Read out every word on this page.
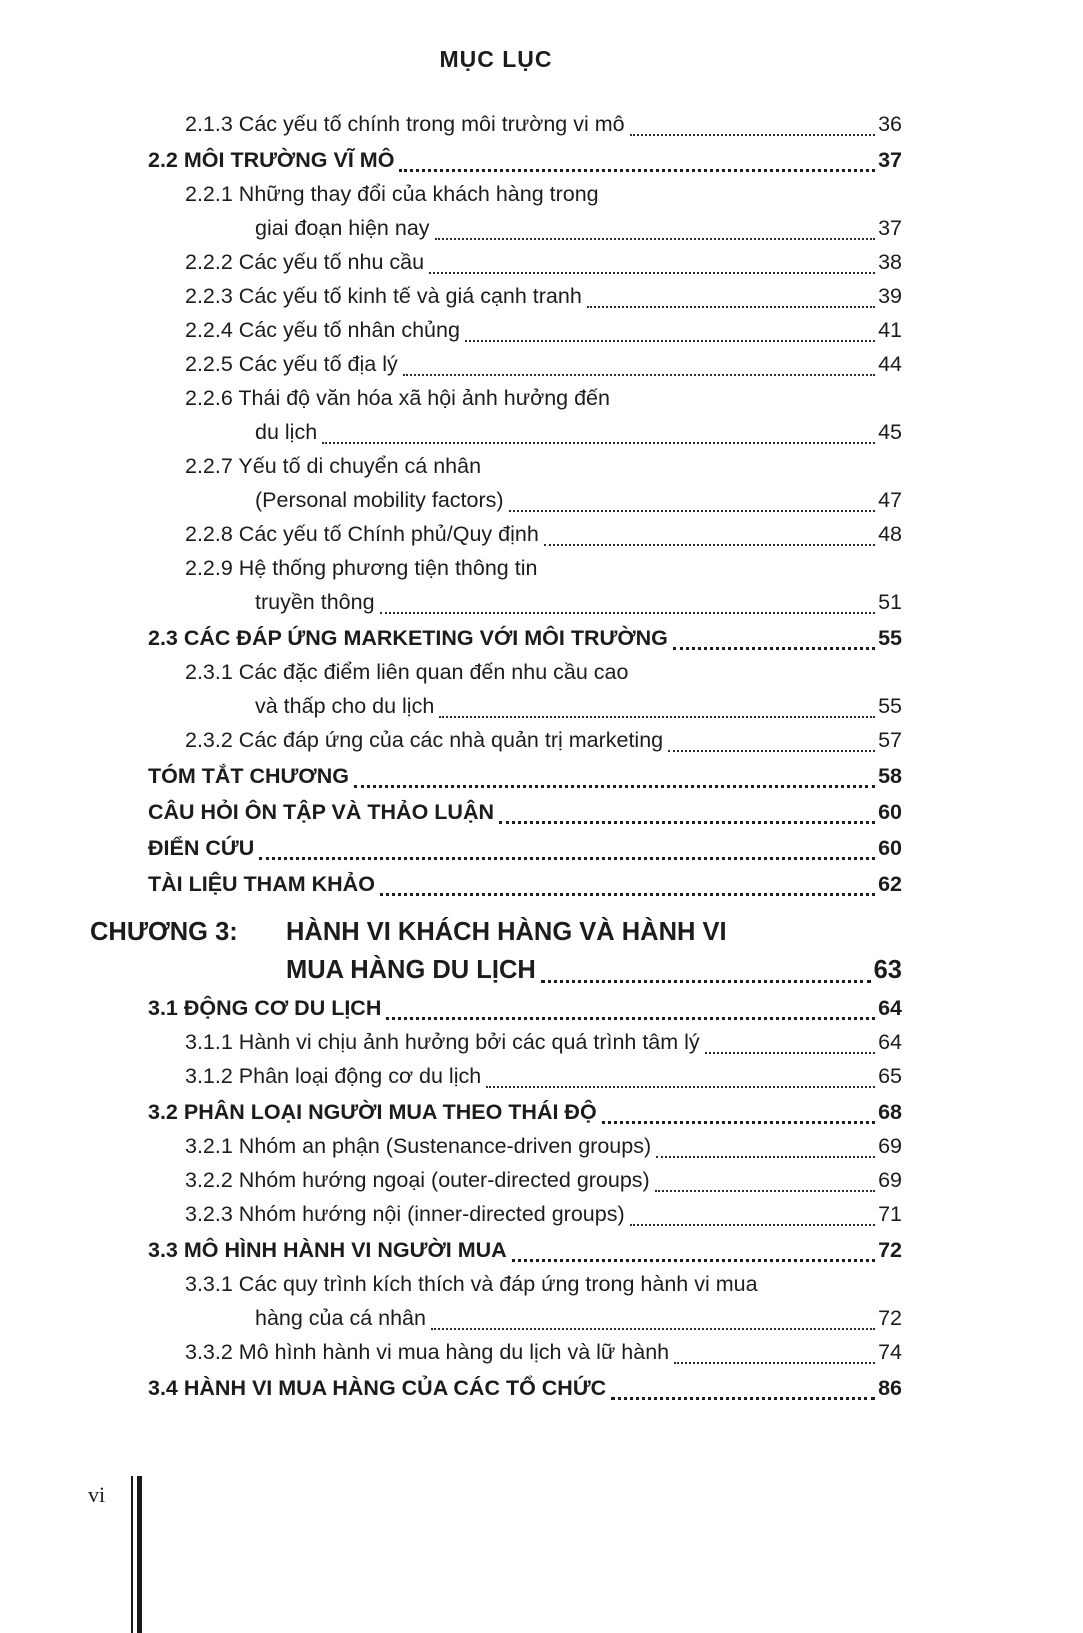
MỤC LỤC
2.1.3 Các yếu tố chính trong môi trường vi mô	36
2.2 MÔI TRƯỜNG VĨ MÔ	37
2.2.1 Những thay đổi của khách hàng trong
giai đoạn hiện nay	37
2.2.2 Các yếu tố nhu cầu	38
2.2.3 Các yếu tố kinh tế và giá cạnh tranh	39
2.2.4 Các yếu tố nhân chủng	41
2.2.5 Các yếu tố địa lý	44
2.2.6 Thái độ văn hóa xã hội ảnh hưởng đến
du lịch	45
2.2.7 Yếu tố di chuyển cá nhân
(Personal mobility factors)	47
2.2.8 Các yếu tố Chính phủ/Quy định	48
2.2.9 Hệ thống phương tiện thông tin
truyền thông	51
2.3 CÁC ĐÁP ỨNG MARKETING VỚI MÔI TRƯỜNG	55
2.3.1 Các đặc điểm liên quan đến nhu cầu cao
và thấp cho du lịch	55
2.3.2 Các đáp ứng của các nhà quản trị marketing	57
TÓM TẮT CHƯƠNG	58
CÂU HỎI ÔN TẬP VÀ THẢO LUẬN	60
ĐIỂN CỨU	60
TÀI LIỆU THAM KHẢO	62
CHƯƠNG 3:	HÀNH VI KHÁCH HÀNG VÀ HÀNH VI
MUA HÀNG DU LỊCH	63
3.1 ĐỘNG CƠ DU LỊCH	64
3.1.1 Hành vi chịu ảnh hưởng bởi các quá trình tâm lý	64
3.1.2 Phân loại động cơ du lịch	65
3.2 PHÂN LOẠI NGƯỜI MUA THEO THÁI ĐỘ	68
3.2.1 Nhóm an phận (Sustenance-driven groups)	69
3.2.2 Nhóm hướng ngoại (outer-directed groups)	69
3.2.3 Nhóm hướng nội (inner-directed groups)	71
3.3 MÔ HÌNH HÀNH VI NGƯỜI MUA	72
3.3.1 Các quy trình kích thích và đáp ứng trong hành vi mua
hàng của cá nhân	72
3.3.2 Mô hình hành vi mua hàng du lịch và lữ hành	74
3.4 HÀNH VI MUA HÀNG CỦA CÁC TỔ CHỨC	86
vi
